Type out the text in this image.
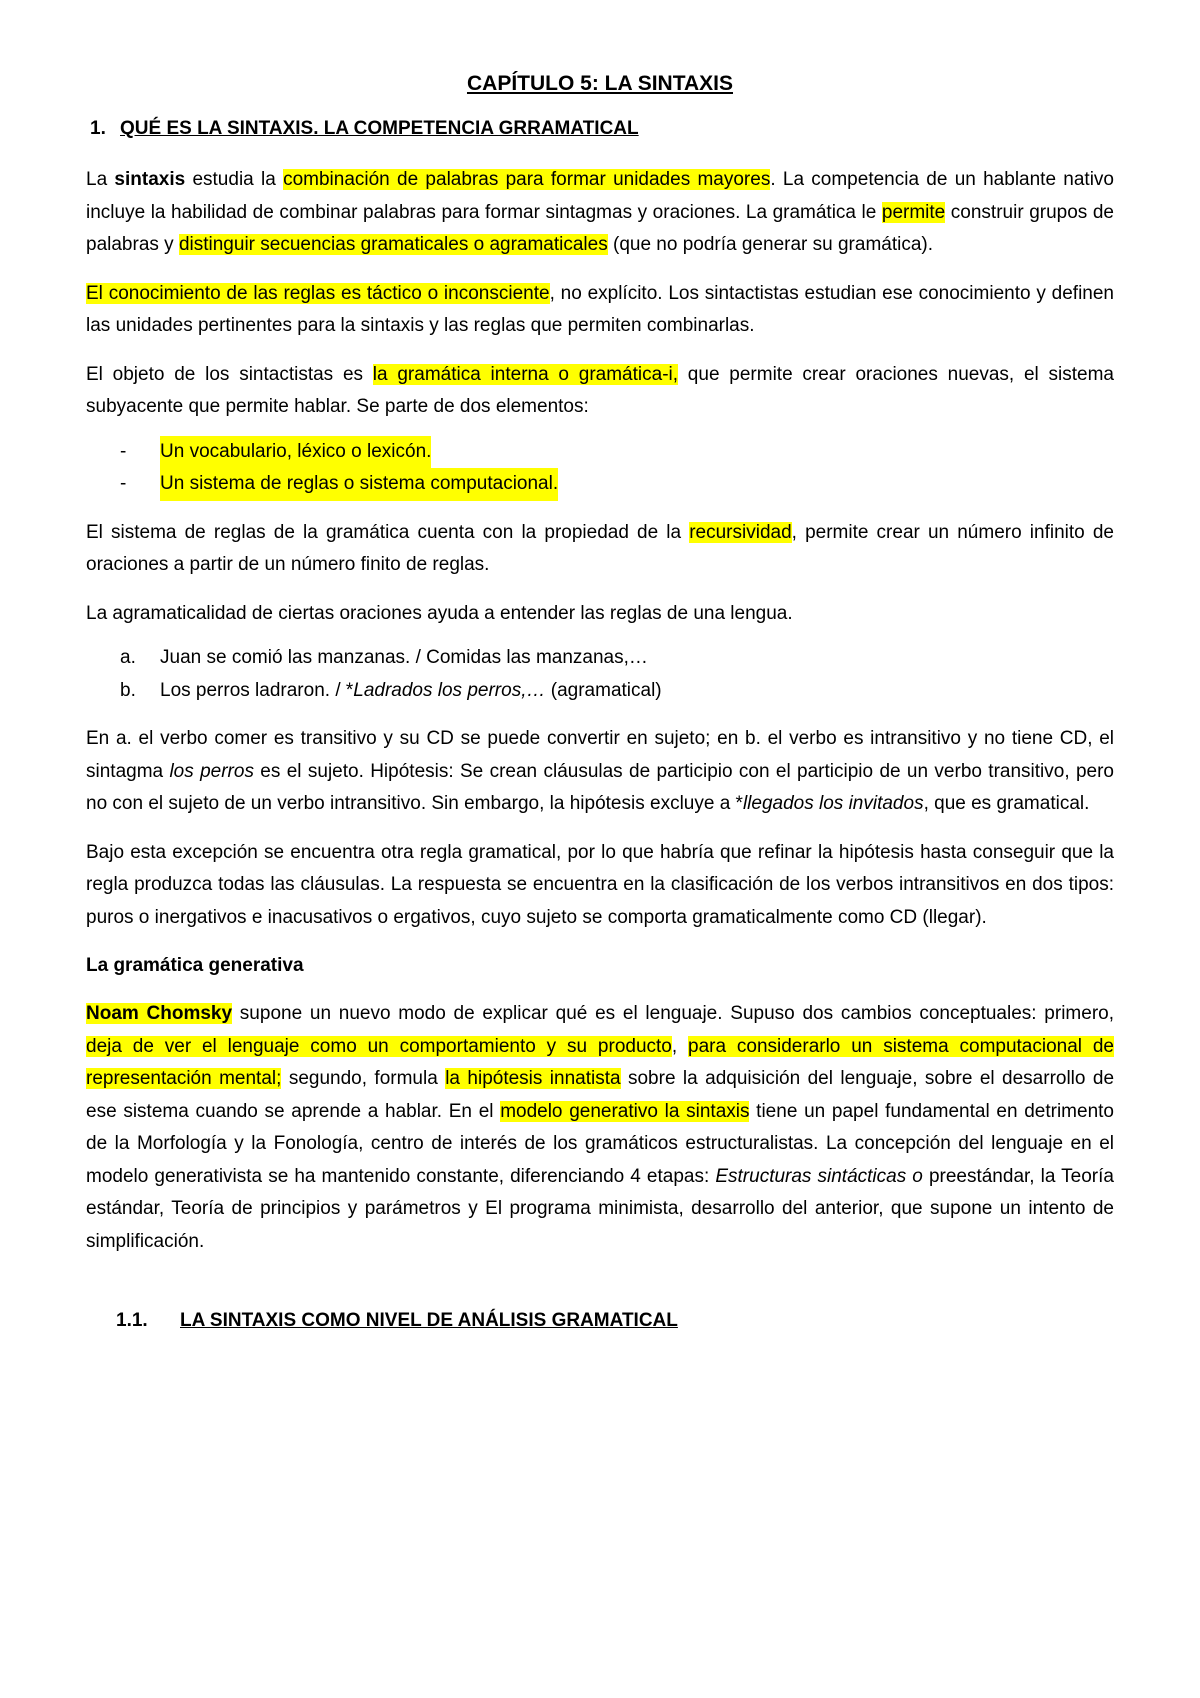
CAPÍTULO 5: LA SINTAXIS
1. QUÉ ES LA SINTAXIS. LA COMPETENCIA GRRAMATICAL

La sintaxis estudia la combinación de palabras para formar unidades mayores. La competencia de un hablante nativo incluye la habilidad de combinar palabras para formar sintagmas y oraciones. La gramática le permite construir grupos de palabras y distinguir secuencias gramaticales o agramaticales (que no podría generar su gramática).

El conocimiento de las reglas es táctico o inconsciente, no explícito. Los sintactistas estudian ese conocimiento y definen las unidades pertinentes para la sintaxis y las reglas que permiten combinarlas.

El objeto de los sintactistas es la gramática interna o gramática-i, que permite crear oraciones nuevas, el sistema subyacente que permite hablar. Se parte de dos elementos:

-	Un vocabulario, léxico o lexicón.
-	Un sistema de reglas o sistema computacional.

El sistema de reglas de la gramática cuenta con la propiedad de la recursividad, permite crear un número infinito de oraciones a partir de un número finito de reglas.

La agramaticalidad de ciertas oraciones ayuda a entender las reglas de una lengua.

a.	Juan se comió las manzanas. / Comidas las manzanas,…
b.	Los perros ladraron. / *Ladrados los perros,… (agramatical)

En a. el verbo comer es transitivo y su CD se puede convertir en sujeto; en b. el verbo es intransitivo y no tiene CD, el sintagma los perros es el sujeto. Hipótesis: Se crean cláusulas de participio con el participio de un verbo transitivo, pero no con el sujeto de un verbo intransitivo. Sin embargo, la hipótesis excluye a *llegados los invitados, que es gramatical.

Bajo esta excepción se encuentra otra regla gramatical, por lo que habría que refinar la hipótesis hasta conseguir que la regla produzca todas las cláusulas. La respuesta se encuentra en la clasificación de los verbos intransitivos en dos tipos: puros o inergativos e inacusativos o ergativos, cuyo sujeto se comporta gramaticalmente como CD (llegar).

La gramática generativa

Noam Chomsky supone un nuevo modo de explicar qué es el lenguaje. Supuso dos cambios conceptuales: primero, deja de ver el lenguaje como un comportamiento y su producto, para considerarlo un sistema computacional de representación mental; segundo, formula la hipótesis innatista sobre la adquisición del lenguaje, sobre el desarrollo de ese sistema cuando se aprende a hablar. En el modelo generativo la sintaxis tiene un papel fundamental en detrimento de la Morfología y la Fonología, centro de interés de los gramáticos estructuralistas. La concepción del lenguaje en el modelo generativista se ha mantenido constante, diferenciando 4 etapas: Estructuras sintácticas o preestándar, la Teoría estándar, Teoría de principios y parámetros y El programa minimista, desarrollo del anterior, que supone un intento de simplificación.

1.1.	LA SINTAXIS COMO NIVEL DE ANÁLISIS GRAMATICAL
